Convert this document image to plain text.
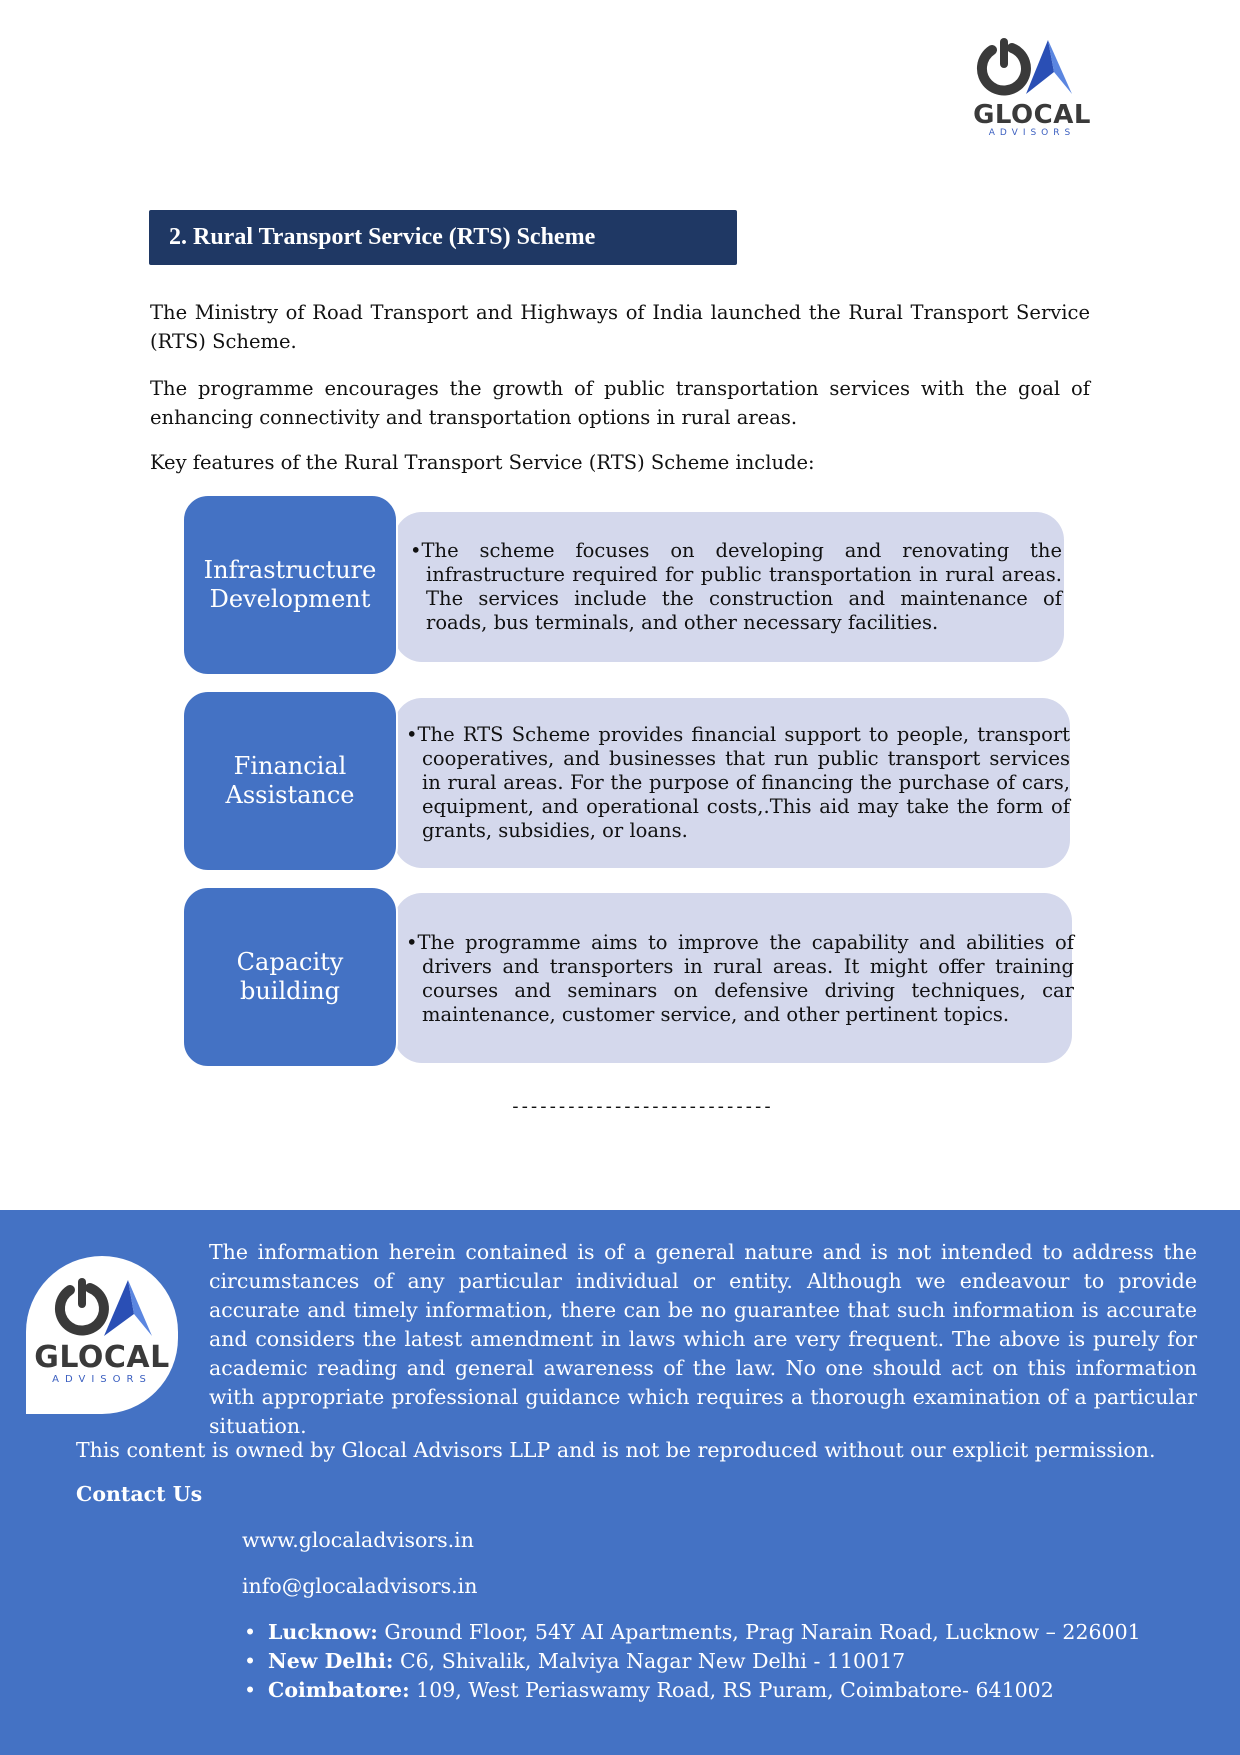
GLOCAL
ADVISORS
2. Rural Transport Service (RTS) Scheme
The Ministry of Road Transport and Highways of India launched the Rural Transport Service (RTS) Scheme.
The programme encourages the growth of public transportation services with the goal of enhancing connectivity and transportation options in rural areas.
Key features of the Rural Transport Service (RTS) Scheme include:
Infrastructure Development
•The scheme focuses on developing and renovating the infrastructure required for public transportation in rural areas. The services include the construction and maintenance of roads, bus terminals, and other necessary facilities.
Financial Assistance
•The RTS Scheme provides financial support to people, transport cooperatives, and businesses that run public transport services in rural areas. For the purpose of financing the purchase of cars, equipment, and operational costs,.This aid may take the form of grants, subsidies, or loans.
Capacity building
•The programme aims to improve the capability and abilities of drivers and transporters in rural areas. It might offer training courses and seminars on defensive driving techniques, car maintenance, customer service, and other pertinent topics.
----------------------------
GLOCAL
ADVISORS
The information herein contained is of a general nature and is not intended to address the circumstances of any particular individual or entity. Although we endeavour to provide accurate and timely information, there can be no guarantee that such information is accurate and considers the latest amendment in laws which are very frequent. The above is purely for academic reading and general awareness of the law. No one should act on this information with appropriate professional guidance which requires a thorough examination of a particular situation.
This content is owned by Glocal Advisors LLP and is not be reproduced without our explicit permission.
Contact Us
www.glocaladvisors.in
info@glocaladvisors.in
• Lucknow: Ground Floor, 54Y AI Apartments, Prag Narain Road, Lucknow – 226001
• New Delhi: C6, Shivalik, Malviya Nagar New Delhi - 110017
• Coimbatore: 109, West Periaswamy Road, RS Puram, Coimbatore- 641002
